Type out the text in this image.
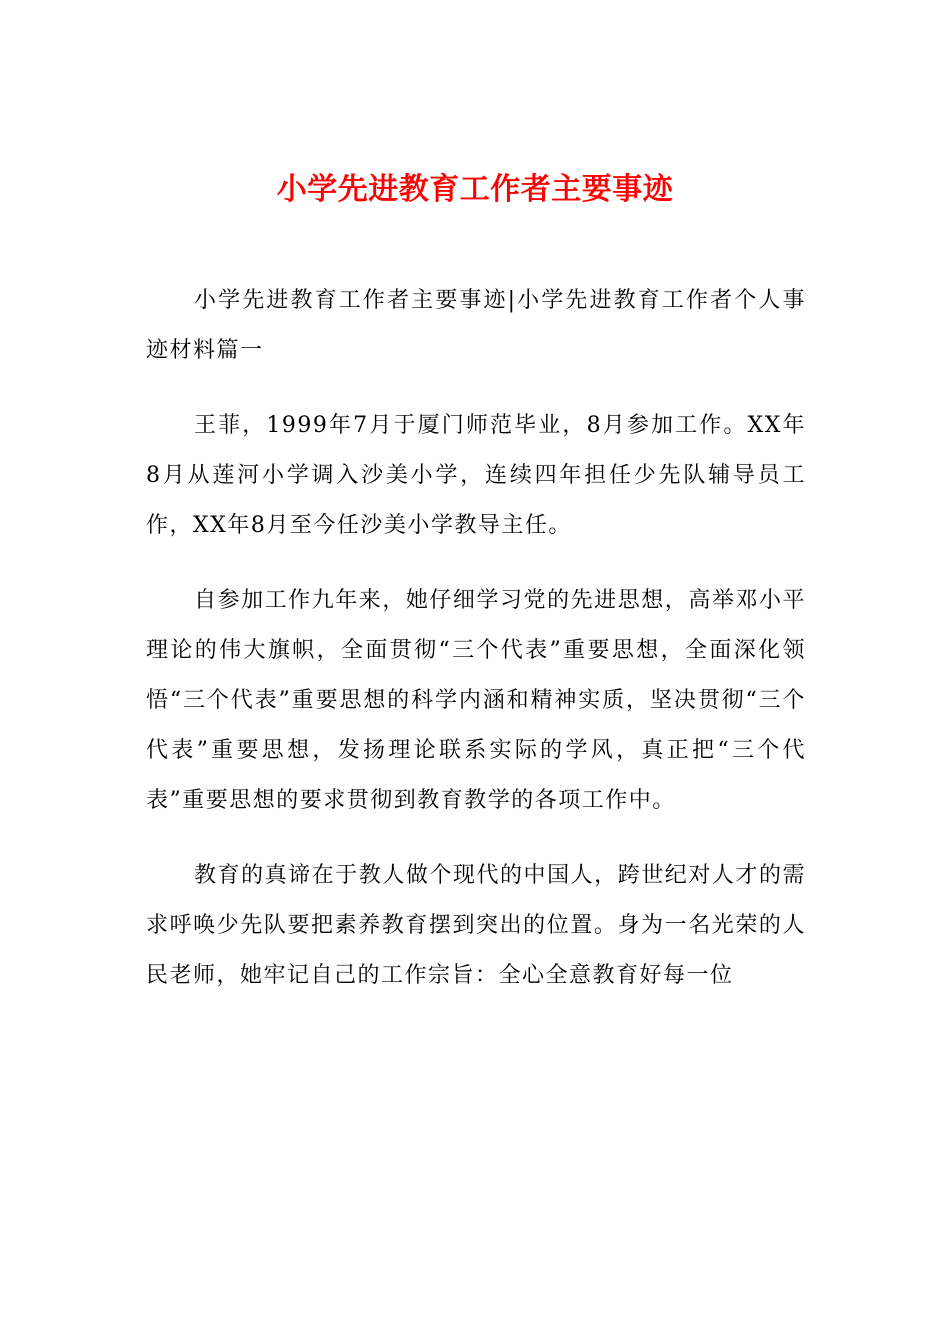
小学先进教育工作者主要事迹

小学先进教育工作者主要事迹|小学先进教育工作者个人事迹材料篇一

王菲，1999年7月于厦门师范毕业，8月参加工作。XX年8月从莲河小学调入沙美小学，连续四年担任少先队辅导员工作，XX年8月至今任沙美小学教导主任。

自参加工作九年来，她仔细学习党的先进思想，高举邓小平理论的伟大旗帜，全面贯彻“三个代表”重要思想，全面深化领悟“三个代表”重要思想的科学内涵和精神实质，坚决贯彻“三个代表”重要思想，发扬理论联系实际的学风，真正把“三个代表”重要思想的要求贯彻到教育教学的各项工作中。

教育的真谛在于教人做个现代的中国人，跨世纪对人才的需求呼唤少先队要把素养教育摆到突出的位置。身为一名光荣的人民老师，她牢记自己的工作宗旨：全心全意教育好每一位
